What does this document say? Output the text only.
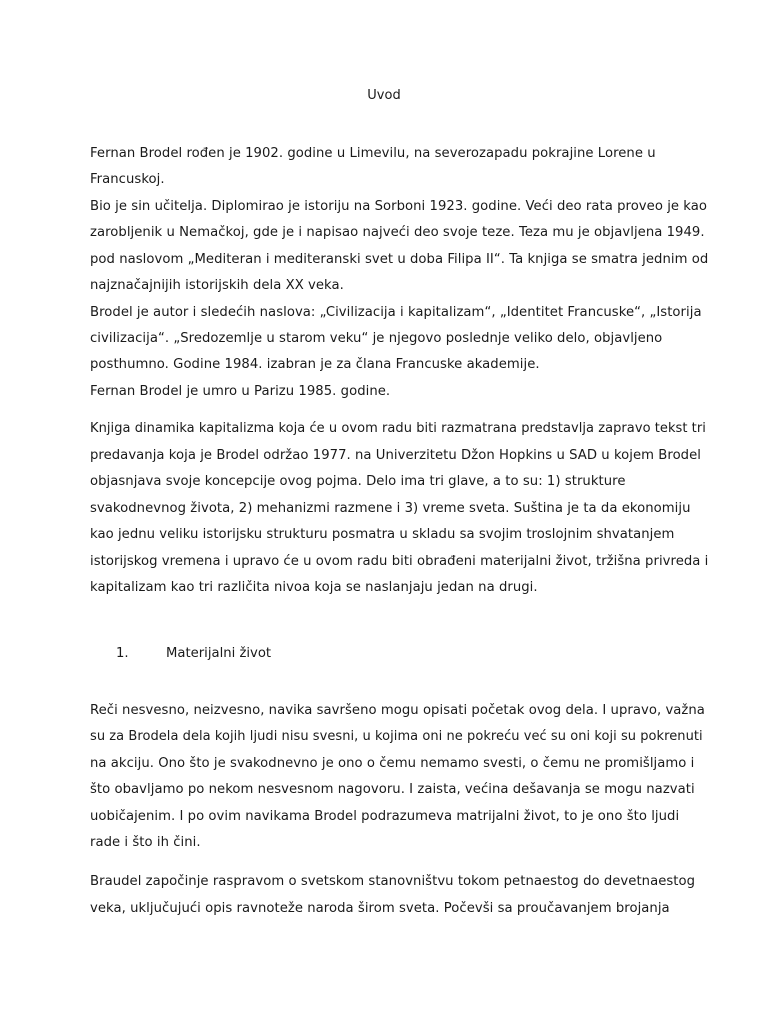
Uvod
Fernan Brodel rođen je 1902. godine u Limevilu, na severozapadu pokrajine Lorene u
Francuskoj.
Bio je sin učitelja. Diplomirao je istoriju na Sorboni 1923. godine. Veći deo rata proveo je kao
zarobljenik u Nemačkoj, gde je i napisao najveći deo svoje teze. Teza mu je objavljena 1949.
pod naslovom „Mediteran i mediteranski svet u doba Filipa II“. Ta knjiga se smatra jednim od
najznačajnijih istorijskih dela XX veka.
Brodel je autor i sledećih naslova: „Civilizacija i kapitalizam“, „Identitet Francuske“, „Istorija
civilizacija“. „Sredozemlje u starom veku“ je njegovo poslednje veliko delo, objavljeno
posthumno. Godine 1984. izabran je za člana Francuske akademije.
Fernan Brodel je umro u Parizu 1985. godine.
Knjiga dinamika kapitalizma koja će u ovom radu biti razmatrana predstavlja zapravo tekst tri
predavanja koja je Brodel održao 1977. na Univerzitetu Džon Hopkins u SAD u kojem Brodel
objasnjava svoje koncepcije ovog pojma. Delo ima tri glave, a to su: 1) strukture
svakodnevnog života, 2) mehanizmi razmene i 3) vreme sveta. Suština je ta da ekonomiju
kao jednu veliku istorijsku strukturu posmatra u skladu sa svojim troslojnim shvatanjem
istorijskog vremena i upravo će u ovom radu biti obrađeni materijalni život, tržišna privreda i
kapitalizam kao tri različita nivoa koja se naslanjaju jedan na drugi.
1.	Materijalni život
Reči nesvesno, neizvesno, navika savršeno mogu opisati početak ovog dela. I upravo, važna
su za Brodela dela kojih ljudi nisu svesni, u kojima oni ne pokreću već su oni koji su pokrenuti
na akciju. Ono što je svakodnevno je ono o čemu nemamo svesti, o čemu ne promišljamo i
što obavljamo po nekom nesvesnom nagovoru. I zaista, većina dešavanja se mogu nazvati
uobičajenim. I po ovim navikama Brodel podrazumeva matrijalni život, to je ono što ljudi
rade i što ih čini.
Braudel započinje raspravom o svetskom stanovništvu tokom petnaestog do devetnaestog
veka, uključujući opis ravnoteže naroda širom sveta. Počevši sa proučavanjem brojanja
